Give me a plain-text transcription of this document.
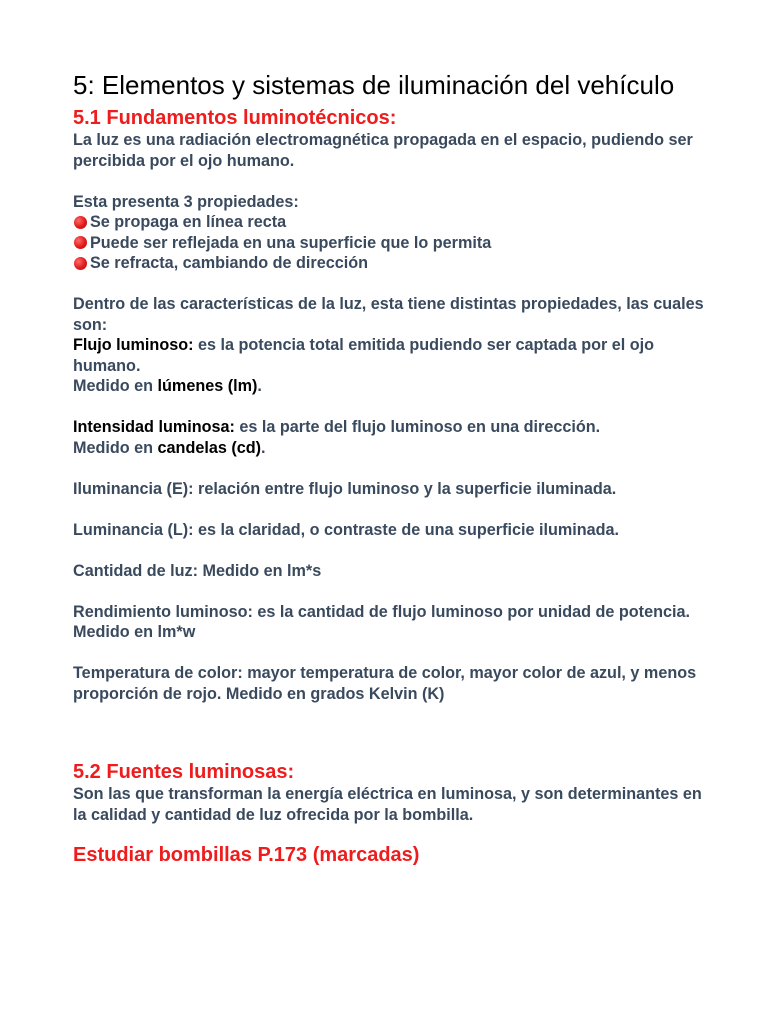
5: Elementos y sistemas de iluminación del vehículo
5.1 Fundamentos luminotécnicos:

La luz es una radiación electromagnética propagada en el espacio, pudiendo ser percibida por el ojo humano.

Esta presenta 3 propiedades:

Se propaga en línea recta
Puede ser reflejada en una superficie que lo permita
Se refracta, cambiando de dirección

Dentro de las características de la luz, esta tiene distintas propiedades, las cuales son:

Flujo luminoso: es la potencia total emitida pudiendo ser captada por el ojo humano.

Medido en lúmenes (lm).

Intensidad luminosa: es la parte del flujo luminoso en una dirección.

Medido en candelas (cd).

Iluminancia (E): relación entre flujo luminoso y la superficie iluminada.

Luminancia (L): es la claridad, o contraste de una superficie iluminada.

Cantidad de luz: Medido en lm*s

Rendimiento luminoso: es la cantidad de flujo luminoso por unidad de potencia. Medido en lm*w

Temperatura de color: mayor temperatura de color, mayor color de azul, y menos proporción de rojo. Medido en grados Kelvin (K)

5.2 Fuentes luminosas:

Son las que transforman la energía eléctrica en luminosa, y son determinantes en la calidad y cantidad de luz ofrecida por la bombilla.

Estudiar bombillas P.173 (marcadas)
